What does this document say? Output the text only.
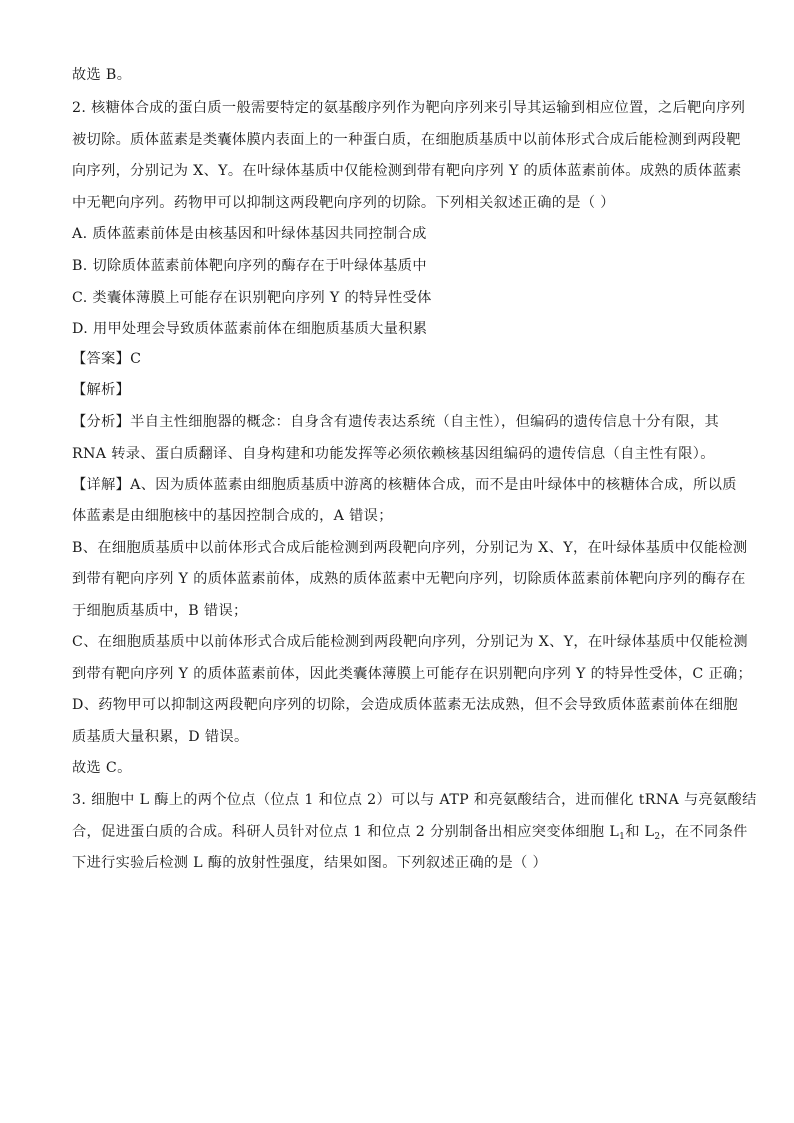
故选 B。
2. 核糖体合成的蛋白质一般需要特定的氨基酸序列作为靶向序列来引导其运输到相应位置，之后靶向序列
被切除。质体蓝素是类囊体膜内表面上的一种蛋白质，在细胞质基质中以前体形式合成后能检测到两段靶
向序列，分别记为 X、Y。在叶绿体基质中仅能检测到带有靶向序列 Y 的质体蓝素前体。成熟的质体蓝素
中无靶向序列。药物甲可以抑制这两段靶向序列的切除。下列相关叙述正确的是（ ）
A. 质体蓝素前体是由核基因和叶绿体基因共同控制合成
B. 切除质体蓝素前体靶向序列的酶存在于叶绿体基质中
C. 类囊体薄膜上可能存在识别靶向序列 Y 的特异性受体
D. 用甲处理会导致质体蓝素前体在细胞质基质大量积累
【答案】C
【解析】
【分析】半自主性细胞器的概念：自身含有遗传表达系统（自主性），但编码的遗传信息十分有限，其
RNA 转录、蛋白质翻译、自身构建和功能发挥等必须依赖核基因组编码的遗传信息（自主性有限）。
【详解】A、因为质体蓝素由细胞质基质中游离的核糖体合成，而不是由叶绿体中的核糖体合成，所以质
体蓝素是由细胞核中的基因控制合成的，A 错误；
B、在细胞质基质中以前体形式合成后能检测到两段靶向序列，分别记为 X、Y，在叶绿体基质中仅能检测
到带有靶向序列 Y 的质体蓝素前体，成熟的质体蓝素中无靶向序列，切除质体蓝素前体靶向序列的酶存在
于细胞质基质中，B 错误；
C、在细胞质基质中以前体形式合成后能检测到两段靶向序列，分别记为 X、Y，在叶绿体基质中仅能检测
到带有靶向序列 Y 的质体蓝素前体，因此类囊体薄膜上可能存在识别靶向序列 Y 的特异性受体，C 正确；
D、药物甲可以抑制这两段靶向序列的切除，会造成质体蓝素无法成熟，但不会导致质体蓝素前体在细胞
质基质大量积累，D 错误。
故选 C。
3. 细胞中 L 酶上的两个位点（位点 1 和位点 2）可以与 ATP 和亮氨酸结合，进而催化 tRNA 与亮氨酸结
合，促进蛋白质的合成。科研人员针对位点 1 和位点 2 分别制备出相应突变体细胞 $L_1$和 $L_2$，在不同条件
下进行实验后检测 L 酶的放射性强度，结果如图。下列叙述正确的是（ ）
